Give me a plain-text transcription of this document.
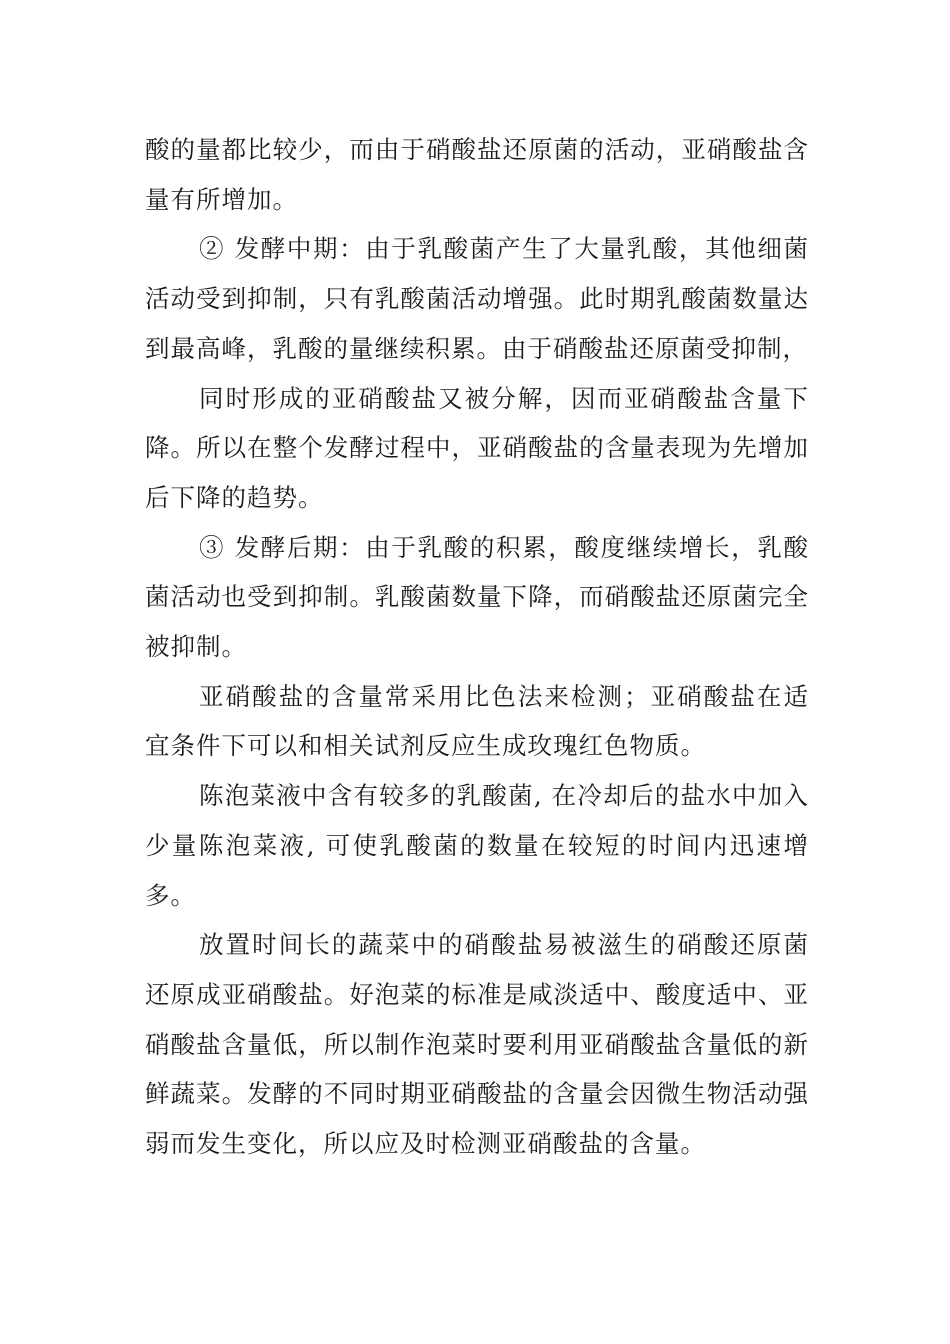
酸的量都比较少，而由于硝酸盐还原菌的活动，亚硝酸盐含量有所增加。

② 发酵中期：由于乳酸菌产生了大量乳酸，其他细菌活动受到抑制，只有乳酸菌活动增强。此时期乳酸菌数量达到最高峰，乳酸的量继续积累。由于硝酸盐还原菌受抑制，

同时形成的亚硝酸盐又被分解，因而亚硝酸盐含量下降。所以在整个发酵过程中，亚硝酸盐的含量表现为先增加后下降的趋势。

③ 发酵后期：由于乳酸的积累，酸度继续增长，乳酸菌活动也受到抑制。乳酸菌数量下降，而硝酸盐还原菌完全被抑制。

亚硝酸盐的含量常采用比色法来检测；亚硝酸盐在适宜条件下可以和相关试剂反应生成玫瑰红色物质。

陈泡菜液中含有较多的乳酸菌, 在冷却后的盐水中加入少量陈泡菜液, 可使乳酸菌的数量在较短的时间内迅速增多。

放置时间长的蔬菜中的硝酸盐易被滋生的硝酸还原菌还原成亚硝酸盐。好泡菜的标准是咸淡适中、酸度适中、亚硝酸盐含量低，所以制作泡菜时要利用亚硝酸盐含量低的新鲜蔬菜。发酵的不同时期亚硝酸盐的含量会因微生物活动强弱而发生变化，所以应及时检测亚硝酸盐的含量。
